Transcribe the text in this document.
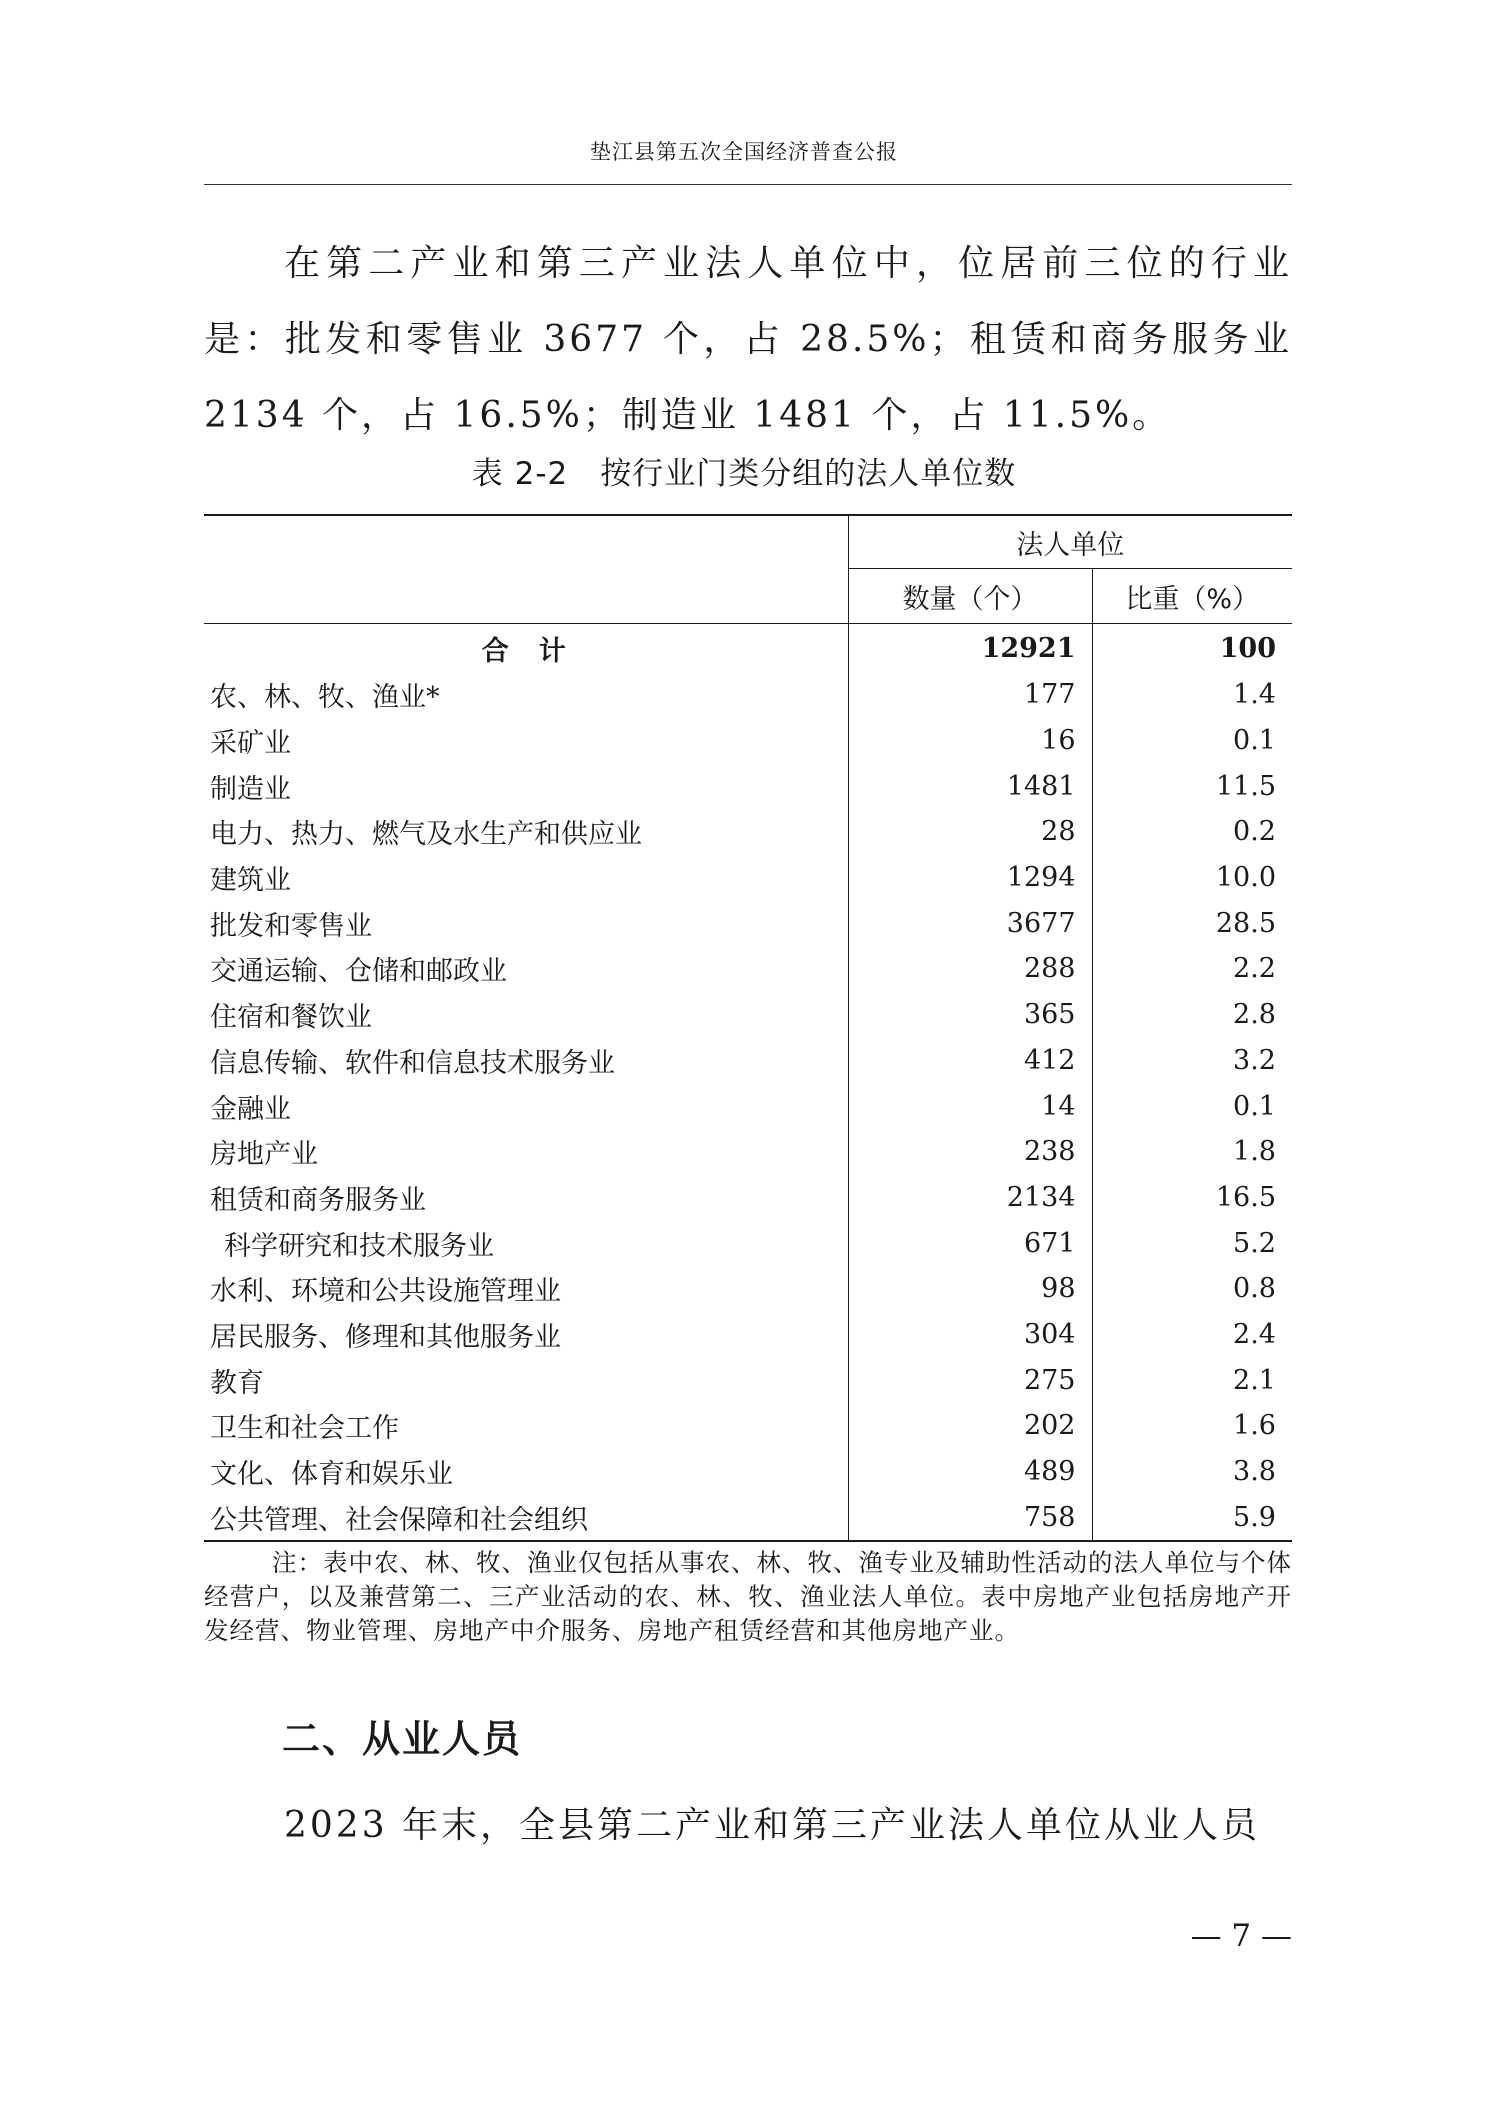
垫江县第五次全国经济普查公报
在第二产业和第三产业法人单位中，位居前三位的行业是：批发和零售业 3677 个，占 28.5%；租赁和商务服务业 2134 个，占 16.5%；制造业 1481 个，占 11.5%。
表 2-2 按行业门类分组的法人单位数
	法人单位	
	数量（个）	比重（%）
合计	12921	100
农、林、牧、渔业*	177	1.4
采矿业	16	0.1
制造业	1481	11.5
电力、热力、燃气及水生产和供应业	28	0.2
建筑业	1294	10.0
批发和零售业	3677	28.5
交通运输、仓储和邮政业	288	2.2
住宿和餐饮业	365	2.8
信息传输、软件和信息技术服务业	412	3.2
金融业	14	0.1
房地产业	238	1.8
租赁和商务服务业	2134	16.5
科学研究和技术服务业	671	5.2
水利、环境和公共设施管理业	98	0.8
居民服务、修理和其他服务业	304	2.4
教育	275	2.1
卫生和社会工作	202	1.6
文化、体育和娱乐业	489	3.8
公共管理、社会保障和社会组织	758	5.9
注：表中农、林、牧、渔业仅包括从事农、林、牧、渔专业及辅助性活动的法人单位与个体经营户，以及兼营第二、三产业活动的农、林、牧、渔业法人单位。表中房地产业包括房地产开发经营、物业管理、房地产中介服务、房地产租赁经营和其他房地产业。
二、从业人员
2023 年末，全县第二产业和第三产业法人单位从业人员
— 7 —
